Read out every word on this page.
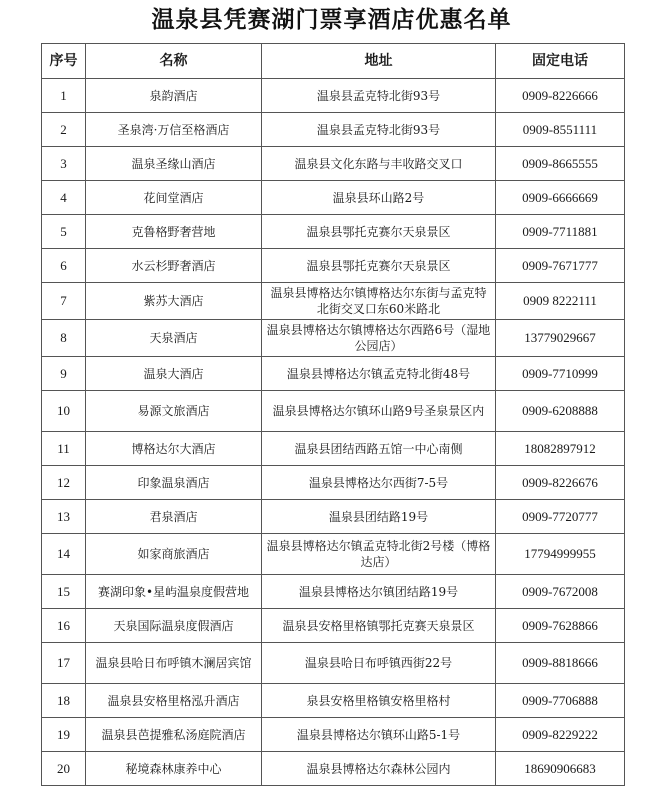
温泉县凭赛湖门票享酒店优惠名单
序号	名称	地址	固定电话
1	泉韵酒店	温泉县孟克特北街93号	0909-8226666
2	圣泉湾·万信至格酒店	温泉县孟克特北街93号	0909-8551111
3	温泉圣缘山酒店	温泉县文化东路与丰收路交叉口	0909-8665555
4	花间堂酒店	温泉县环山路2号	0909-6666669
5	克鲁格野奢营地	温泉县鄂托克赛尔天泉景区	0909-7711881
6	水云杉野奢酒店	温泉县鄂托克赛尔天泉景区	0909-7671777
7	紫苏大酒店	温泉县博格达尔镇博格达尔东街与孟克特北街交叉口东60米路北	0909 8222111
8	天泉酒店	温泉县博格达尔镇博格达尔西路6号（湿地公园店）	13779029667
9	温泉大酒店	温泉县博格达尔镇孟克特北街48号	0909-7710999
10	易源文旅酒店	温泉县博格达尔镇环山路9号圣泉景区内	0909-6208888
11	博格达尔大酒店	温泉县团结西路五馆一中心南侧	18082897912
12	印象温泉酒店	温泉县博格达尔西街7-5号	0909-8226676
13	君泉酒店	温泉县团结路19号	0909-7720777
14	如家商旅酒店	温泉县博格达尔镇孟克特北街2号楼（博格达店）	17794999955
15	赛湖印象•星屿温泉度假营地	温泉县博格达尔镇团结路19号	0909-7672008
16	天泉国际温泉度假酒店	温泉县安格里格镇鄂托克赛天泉景区	0909-7628866
17	温泉县哈日布呼镇木澜居宾馆	温泉县哈日布呼镇西街22号	0909-8818666
18	温泉县安格里格泓升酒店	泉县安格里格镇安格里格村	0909-7706888
19	温泉县芭提雅私汤庭院酒店	温泉县博格达尔镇环山路5-1号	0909-8229222
20	秘境森林康养中心	温泉县博格达尔森林公园内	18690906683
